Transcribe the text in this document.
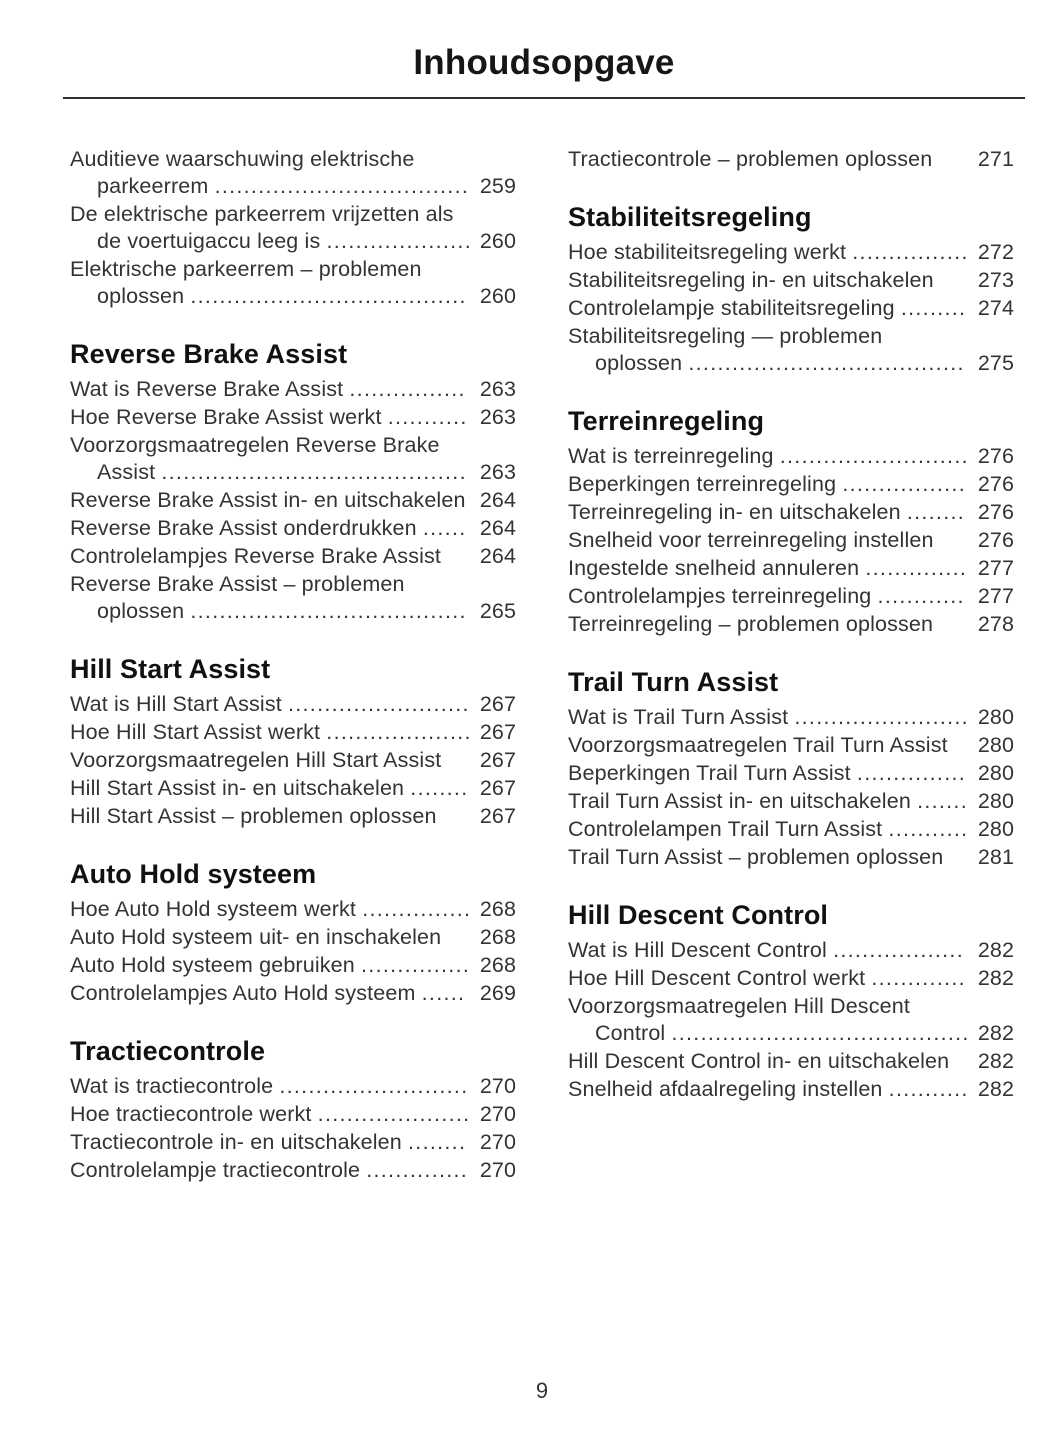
Inhoudsopgave
Auditieve waarschuwing elektrische parkeerrem ................................... 259
De elektrische parkeerrem vrijzetten als de voertuigaccu leeg is .................... 260
Elektrische parkeerrem – problemen oplossen ...................................... 260
Reverse Brake Assist
Wat is Reverse Brake Assist ................ 263
Hoe Reverse Brake Assist werkt ........... 263
Voorzorgsmaatregelen Reverse Brake Assist .......................................... 263
Reverse Brake Assist in- en uitschakelen 264
Reverse Brake Assist onderdrukken ...... 264
Controlelampjes Reverse Brake Assist 264
Reverse Brake Assist – problemen oplossen ...................................... 265
Hill Start Assist
Wat is Hill Start Assist ......................... 267
Hoe Hill Start Assist werkt .................... 267
Voorzorgsmaatregelen Hill Start Assist 267
Hill Start Assist in- en uitschakelen ........ 267
Hill Start Assist – problemen oplossen 267
Auto Hold systeem
Hoe Auto Hold systeem werkt ............... 268
Auto Hold systeem uit- en inschakelen 268
Auto Hold systeem gebruiken ............... 268
Controlelampjes Auto Hold systeem ...... 269
Tractiecontrole
Wat is tractiecontrole .......................... 270
Hoe tractiecontrole werkt ..................... 270
Tractiecontrole in- en uitschakelen ........ 270
Controlelampje tractiecontrole .............. 270
Tractiecontrole – problemen oplossen 271
Stabiliteitsregeling
Hoe stabiliteitsregeling werkt ................ 272
Stabiliteitsregeling in- en uitschakelen 273
Controlelampje stabiliteitsregeling ......... 274
Stabiliteitsregeling — problemen oplossen ...................................... 275
Terreinregeling
Wat is terreinregeling .......................... 276
Beperkingen terreinregeling ................. 276
Terreinregeling in- en uitschakelen ........ 276
Snelheid voor terreinregeling instellen 276
Ingestelde snelheid annuleren .............. 277
Controlelampjes terreinregeling ............ 277
Terreinregeling – problemen oplossen 278
Trail Turn Assist
Wat is Trail Turn Assist ........................ 280
Voorzorgsmaatregelen Trail Turn Assist 280
Beperkingen Trail Turn Assist ............... 280
Trail Turn Assist in- en uitschakelen ....... 280
Controlelampen Trail Turn Assist ........... 280
Trail Turn Assist – problemen oplossen 281
Hill Descent Control
Wat is Hill Descent Control .................. 282
Hoe Hill Descent Control werkt ............. 282
Voorzorgsmaatregelen Hill Descent Control ......................................... 282
Hill Descent Control in- en uitschakelen 282
Snelheid afdaalregeling instellen ........... 282
9
